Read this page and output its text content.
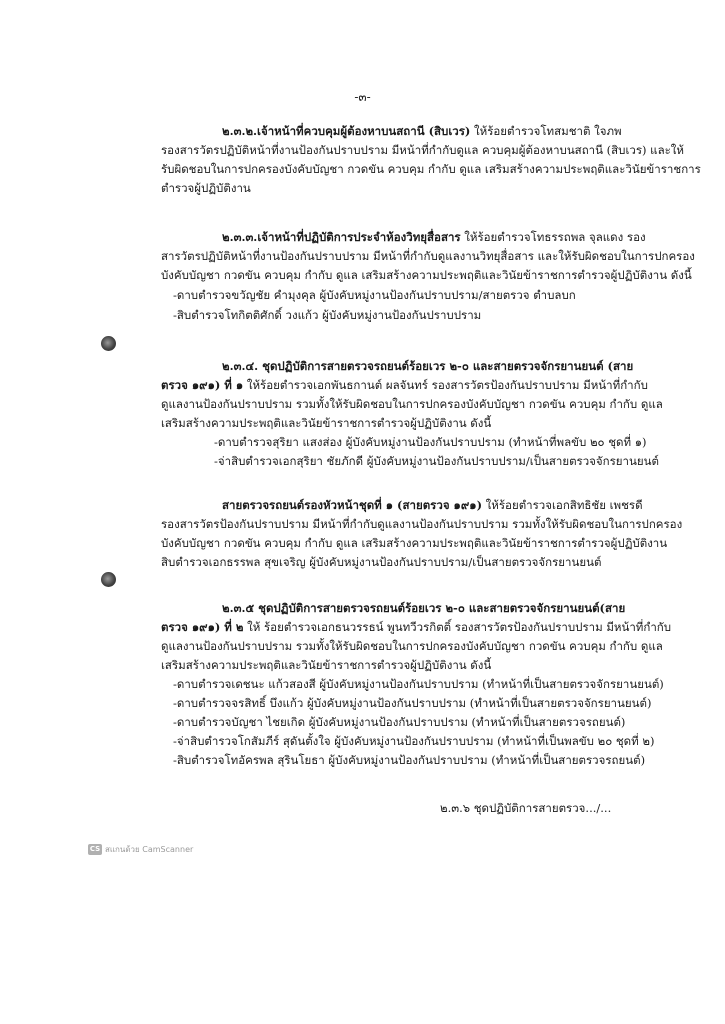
-๓-
๒.๓.๒.เจ้าหน้าที่ควบคุมผู้ต้องหาบนสถานี (สิบเวร) ให้ร้อยตำรวจโทสมชาติ ใจภพ
รองสารวัตรปฏิบัติหน้าที่งานป้องกันปราบปราม มีหน้าที่กำกับดูแล ควบคุมผู้ต้องหาบนสถานี (สิบเวร) และให้
รับผิดชอบในการปกครองบังคับบัญชา กวดขัน ควบคุม กำกับ ดูแล เสริมสร้างความประพฤติและวินัยข้าราชการ
ตำรวจผู้ปฏิบัติงาน
๒.๓.๓.เจ้าหน้าที่ปฏิบัติการประจำห้องวิทยุสื่อสาร ให้ร้อยตำรวจโทธรรถพล จุลแดง รอง
สารวัตรปฏิบัติหน้าที่งานป้องกันปราบปราม มีหน้าที่กำกับดูแลงานวิทยุสื่อสาร และให้รับผิดชอบในการปกครอง
บังคับบัญชา กวดขัน ควบคุม กำกับ ดูแล เสริมสร้างความประพฤติและวินัยข้าราชการตำรวจผู้ปฏิบัติงาน ดังนี้
-ดาบตำรวจขวัญชัย คำมุงคุล ผู้บังคับหมู่งานป้องกันปราบปราม/สายตรวจ ตำบลบก
-สิบตำรวจโทกิตติศักดิ์ วงแก้ว ผู้บังคับหมู่งานป้องกันปราบปราม
๒.๓.๔. ชุดปฏิบัติการสายตรวจรถยนต์ร้อยเวร ๒-๐ และสายตรวจจักรยานยนต์ (สาย
ตรวจ ๑๙๑) ที่ ๑ ให้ร้อยตำรวจเอกพันธกานต์ ผลจันทร์ รองสารวัตรป้องกันปราบปราม มีหน้าที่กำกับ
ดูแลงานป้องกันปราบปราม รวมทั้งให้รับผิดชอบในการปกครองบังคับบัญชา กวดขัน ควบคุม กำกับ ดูแล
เสริมสร้างความประพฤติและวินัยข้าราชการตำรวจผู้ปฏิบัติงาน ดังนี้
-ดาบตำรวจสุริยา แสงส่อง ผู้บังคับหมู่งานป้องกันปราบปราม (ทำหน้าที่พลขับ ๒๐ ชุดที่ ๑)
-จ่าสิบตำรวจเอกสุริยา ชัยภักดี ผู้บังคับหมู่งานป้องกันปราบปราม/เป็นสายตรวจจักรยานยนต์
สายตรวจรถยนต์รองหัวหน้าชุดที่ ๑ (สายตรวจ ๑๙๑) ให้ร้อยตำรวจเอกสิทธิชัย เพชรดี
รองสารวัตรป้องกันปราบปราม มีหน้าที่กำกับดูแลงานป้องกันปราบปราม รวมทั้งให้รับผิดชอบในการปกครอง
บังคับบัญชา กวดขัน ควบคุม กำกับ ดูแล เสริมสร้างความประพฤติและวินัยข้าราชการตำรวจผู้ปฏิบัติงาน
สิบตำรวจเอกธรรพล สุขเจริญ ผู้บังคับหมู่งานป้องกันปราบปราม/เป็นสายตรวจจักรยานยนต์
๒.๓.๕ ชุดปฏิบัติการสายตรวจรถยนต์ร้อยเวร ๒-๐ และสายตรวจจักรยานยนต์(สาย
ตรวจ ๑๙๑) ที่ ๒ ให้ ร้อยตำรวจเอกธนวรรธน์ พูนทวีวรกิตติ์ รองสารวัตรป้องกันปราบปราม มีหน้าที่กำกับ
ดูแลงานป้องกันปราบปราม รวมทั้งให้รับผิดชอบในการปกครองบังคับบัญชา กวดขัน ควบคุม กำกับ ดูแล
เสริมสร้างความประพฤติและวินัยข้าราชการตำรวจผู้ปฏิบัติงาน ดังนี้
-ดาบตำรวจเดชนะ แก้วสองสี ผู้บังคับหมู่งานป้องกันปราบปราม (ทำหน้าที่เป็นสายตรวจจักรยานยนต์)
-ดาบตำรวจจรสิทธิ์ บึงแก้ว ผู้บังคับหมู่งานป้องกันปราบปราม (ทำหน้าที่เป็นสายตรวจจักรยานยนต์)
-ดาบตำรวจบัญชา ไชยเกิด ผู้บังคับหมู่งานป้องกันปราบปราม (ทำหน้าที่เป็นสายตรวจรถยนต์)
-จ่าสิบตำรวจโกสัมภีร์ สุดันตั้งใจ ผู้บังคับหมู่งานป้องกันปราบปราม (ทำหน้าที่เป็นพลขับ ๒๐ ชุดที่ ๒)
-สิบตำรวจโทอัครพล สุรินโยธา ผู้บังคับหมู่งานป้องกันปราบปราม (ทำหน้าที่เป็นสายตรวจรถยนต์)
๒.๓.๖ ชุดปฏิบัติการสายตรวจ.../...
CS สแกนด้วย CamScanner
